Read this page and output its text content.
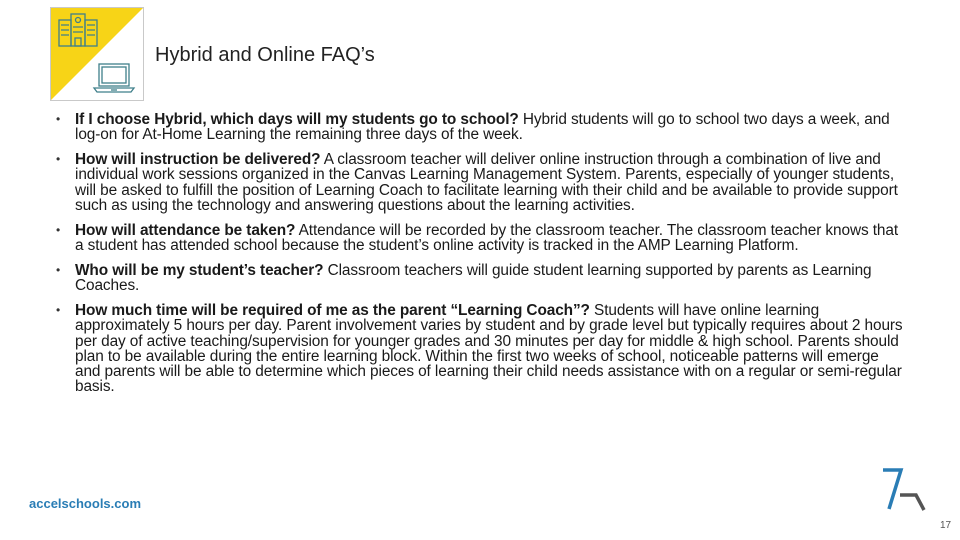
Hybrid and Online FAQ’s
• If I choose Hybrid, which days will my students go to school? Hybrid students will go to school two days a week, and log-on for At-Home Learning the remaining three days of the week.
• How will instruction be delivered? A classroom teacher will deliver online instruction through a combination of live and individual work sessions organized in the Canvas Learning Management System. Parents, especially of younger students, will be asked to fulfill the position of Learning Coach to facilitate learning with their child and be available to provide support such as using the technology and answering questions about the learning activities.
• How will attendance be taken? Attendance will be recorded by the classroom teacher. The classroom teacher knows that a student has attended school because the student’s online activity is tracked in the AMP Learning Platform.
• Who will be my student’s teacher? Classroom teachers will guide student learning supported by parents as Learning Coaches.
• How much time will be required of me as the parent “Learning Coach”? Students will have online learning approximately 5 hours per day. Parent involvement varies by student and by grade level but typically requires about 2 hours per day of active teaching/supervision for younger grades and 30 minutes per day for middle & high school. Parents should plan to be available during the entire learning block. Within the first two weeks of school, noticeable patterns will emerge and parents will be able to determine which pieces of learning their child needs assistance with on a regular or semi-regular basis.
accelschools.com
17
